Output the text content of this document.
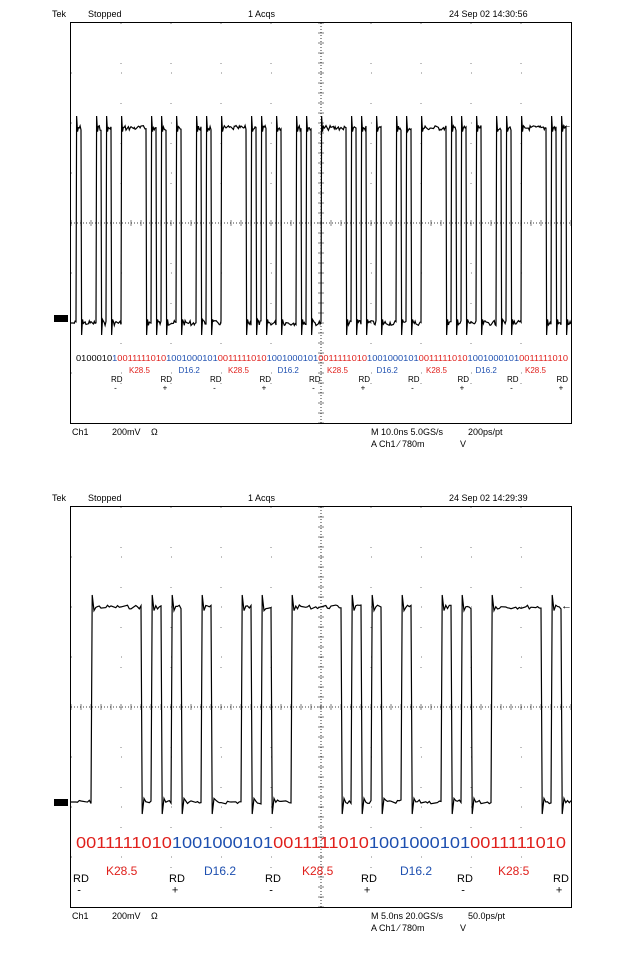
Tek Stopped	1 Acqs	24 Sep 02 14:30:56
0100010 10011111010 1001000101 0011111010 1001000101 0011111010 1001000101 0011111010 1001000101 0011111010
K28.5	D16.2	K28.5	D16.2	K28.5	D16.2	K28.5	D16.2	K28.5
RD
-
RD
+
RD
-
RD
+
RD
-
RD
+
RD
-
RD
+
RD
-
RD
+
←
Ch1	200mV Ω	M 10.0ns 5.0GS/s	200ps/pt
A Ch1 ⁄ 780m	V
Tek Stopped	1 Acqs	24 Sep 02 14:29:39
0011111010 1001000101 0011111010 1001000101 0011111010
K28.5	D16.2	K28.5	D16.2	K28.5
RD
-
RD
+
RD
-
RD
+
RD
-
RD
+
←
Ch1	200mV Ω	M 5.0ns 20.0GS/s	50.0ps/pt
A Ch1 ⁄ 780m	V
